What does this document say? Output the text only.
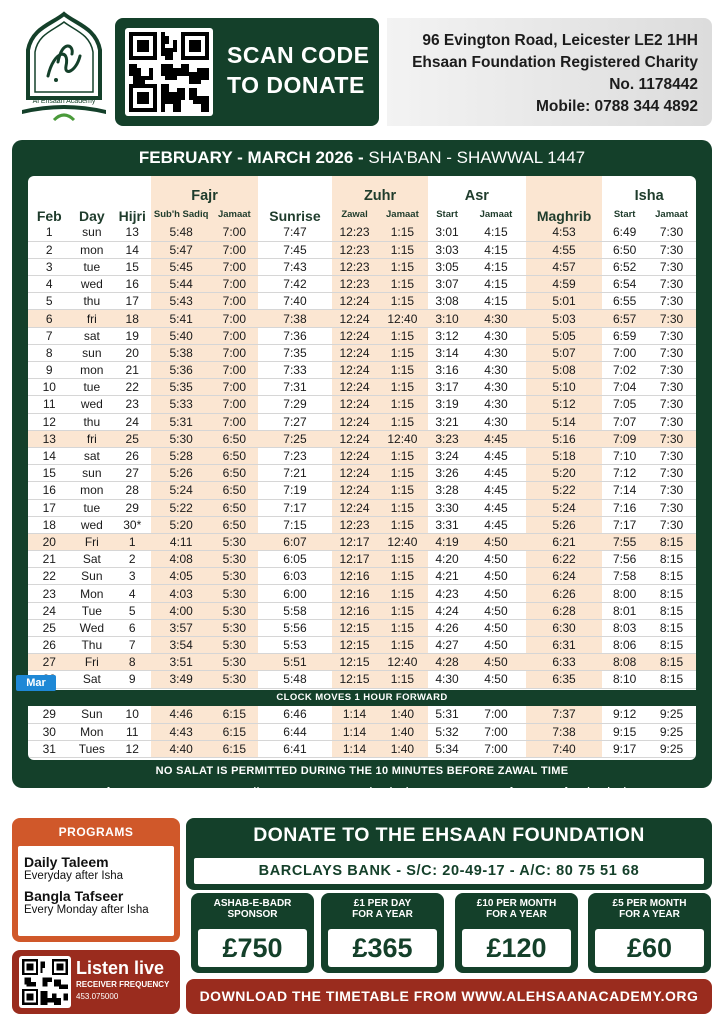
Al Ehsaan Academy
SCAN CODE
TO DONATE
96 Evington Road, Leicester LE2 1HH
Ehsaan Foundation Registered Charity
No. 1178442
Mobile: 0788 344 4892
FEBRUARY - MARCH 2026 - SHA'BAN - SHAWWAL 1447
Feb	Day	Hijri	Fajr		Sunrise	Zuhr		Asr		Maghrib	Isha	
			Sub'h Sadiq	Jamaat		Zawal	Jamaat	Start	Jamaat		Start	Jamaat
1	sun	13	5:48	7:00	7:47	12:23	1:15	3:01	4:15	4:53	6:49	7:30
2	mon	14	5:47	7:00	7:45	12:23	1:15	3:03	4:15	4:55	6:50	7:30
3	tue	15	5:45	7:00	7:43	12:23	1:15	3:05	4:15	4:57	6:52	7:30
4	wed	16	5:44	7:00	7:42	12:23	1:15	3:07	4:15	4:59	6:54	7:30
5	thu	17	5:43	7:00	7:40	12:24	1:15	3:08	4:15	5:01	6:55	7:30
6	fri	18	5:41	7:00	7:38	12:24	12:40	3:10	4:30	5:03	6:57	7:30
7	sat	19	5:40	7:00	7:36	12:24	1:15	3:12	4:30	5:05	6:59	7:30
8	sun	20	5:38	7:00	7:35	12:24	1:15	3:14	4:30	5:07	7:00	7:30
9	mon	21	5:36	7:00	7:33	12:24	1:15	3:16	4:30	5:08	7:02	7:30
10	tue	22	5:35	7:00	7:31	12:24	1:15	3:17	4:30	5:10	7:04	7:30
11	wed	23	5:33	7:00	7:29	12:24	1:15	3:19	4:30	5:12	7:05	7:30
12	thu	24	5:31	7:00	7:27	12:24	1:15	3:21	4:30	5:14	7:07	7:30
13	fri	25	5:30	6:50	7:25	12:24	12:40	3:23	4:45	5:16	7:09	7:30
14	sat	26	5:28	6:50	7:23	12:24	1:15	3:24	4:45	5:18	7:10	7:30
15	sun	27	5:26	6:50	7:21	12:24	1:15	3:26	4:45	5:20	7:12	7:30
16	mon	28	5:24	6:50	7:19	12:24	1:15	3:28	4:45	5:22	7:14	7:30
17	tue	29	5:22	6:50	7:17	12:24	1:15	3:30	4:45	5:24	7:16	7:30
18	wed	30*	5:20	6:50	7:15	12:23	1:15	3:31	4:45	5:26	7:17	7:30
20	Fri	1	4:11	5:30	6:07	12:17	12:40	4:19	4:50	6:21	7:55	8:15
21	Sat	2	4:08	5:30	6:05	12:17	1:15	4:20	4:50	6:22	7:56	8:15
22	Sun	3	4:05	5:30	6:03	12:16	1:15	4:21	4:50	6:24	7:58	8:15
23	Mon	4	4:03	5:30	6:00	12:16	1:15	4:23	4:50	6:26	8:00	8:15
24	Tue	5	4:00	5:30	5:58	12:16	1:15	4:24	4:50	6:28	8:01	8:15
25	Wed	6	3:57	5:30	5:56	12:15	1:15	4:26	4:50	6:30	8:03	8:15
26	Thu	7	3:54	5:30	5:53	12:15	1:15	4:27	4:50	6:31	8:06	8:15
27	Fri	8	3:51	5:30	5:51	12:15	12:40	4:28	4:50	6:33	8:08	8:15
	Sat	9	3:49	5:30	5:48	12:15	1:15	4:30	4:50	6:35	8:10	8:15
Mar
CLOCK MOVES 1 HOUR FORWARD
29	Sun	10	4:46	6:15	6:46	1:14	1:40	5:31	7:00	7:37	9:12	9:25
30	Mon	11	4:43	6:15	6:44	1:14	1:40	5:32	7:00	7:38	9:15	9:25
31	Tues	12	4:40	6:15	6:41	1:14	1:40	5:34	7:00	7:40	9:17	9:25
NO SALAT IS PERMITTED DURING THE 10 MINUTES BEFORE ZAWAL TIME
1st Jumuah Bayaan 1:00 PM - Adhaan 1:20 PM - Khutbah 1:30 PM 2nd Jumuah Khutbah 2:30 PM
PROGRAMS
Daily Taleem
Everyday after Isha
Bangla Tafseer
Every Monday after Isha
Listen live
RECEIVER FREQUENCY
453.075000
DONATE TO THE EHSAAN FOUNDATION
BARCLAYS BANK - S/C: 20-49-17 - A/C: 80 75 51 68
ASHAB-E-BADR
SPONSOR
£750
£1 PER DAY
FOR A YEAR
£365
£10 PER MONTH
FOR A YEAR
£120
£5 PER MONTH
FOR A YEAR
£60
DOWNLOAD THE TIMETABLE FROM WWW.ALEHSAANACADEMY.ORG
